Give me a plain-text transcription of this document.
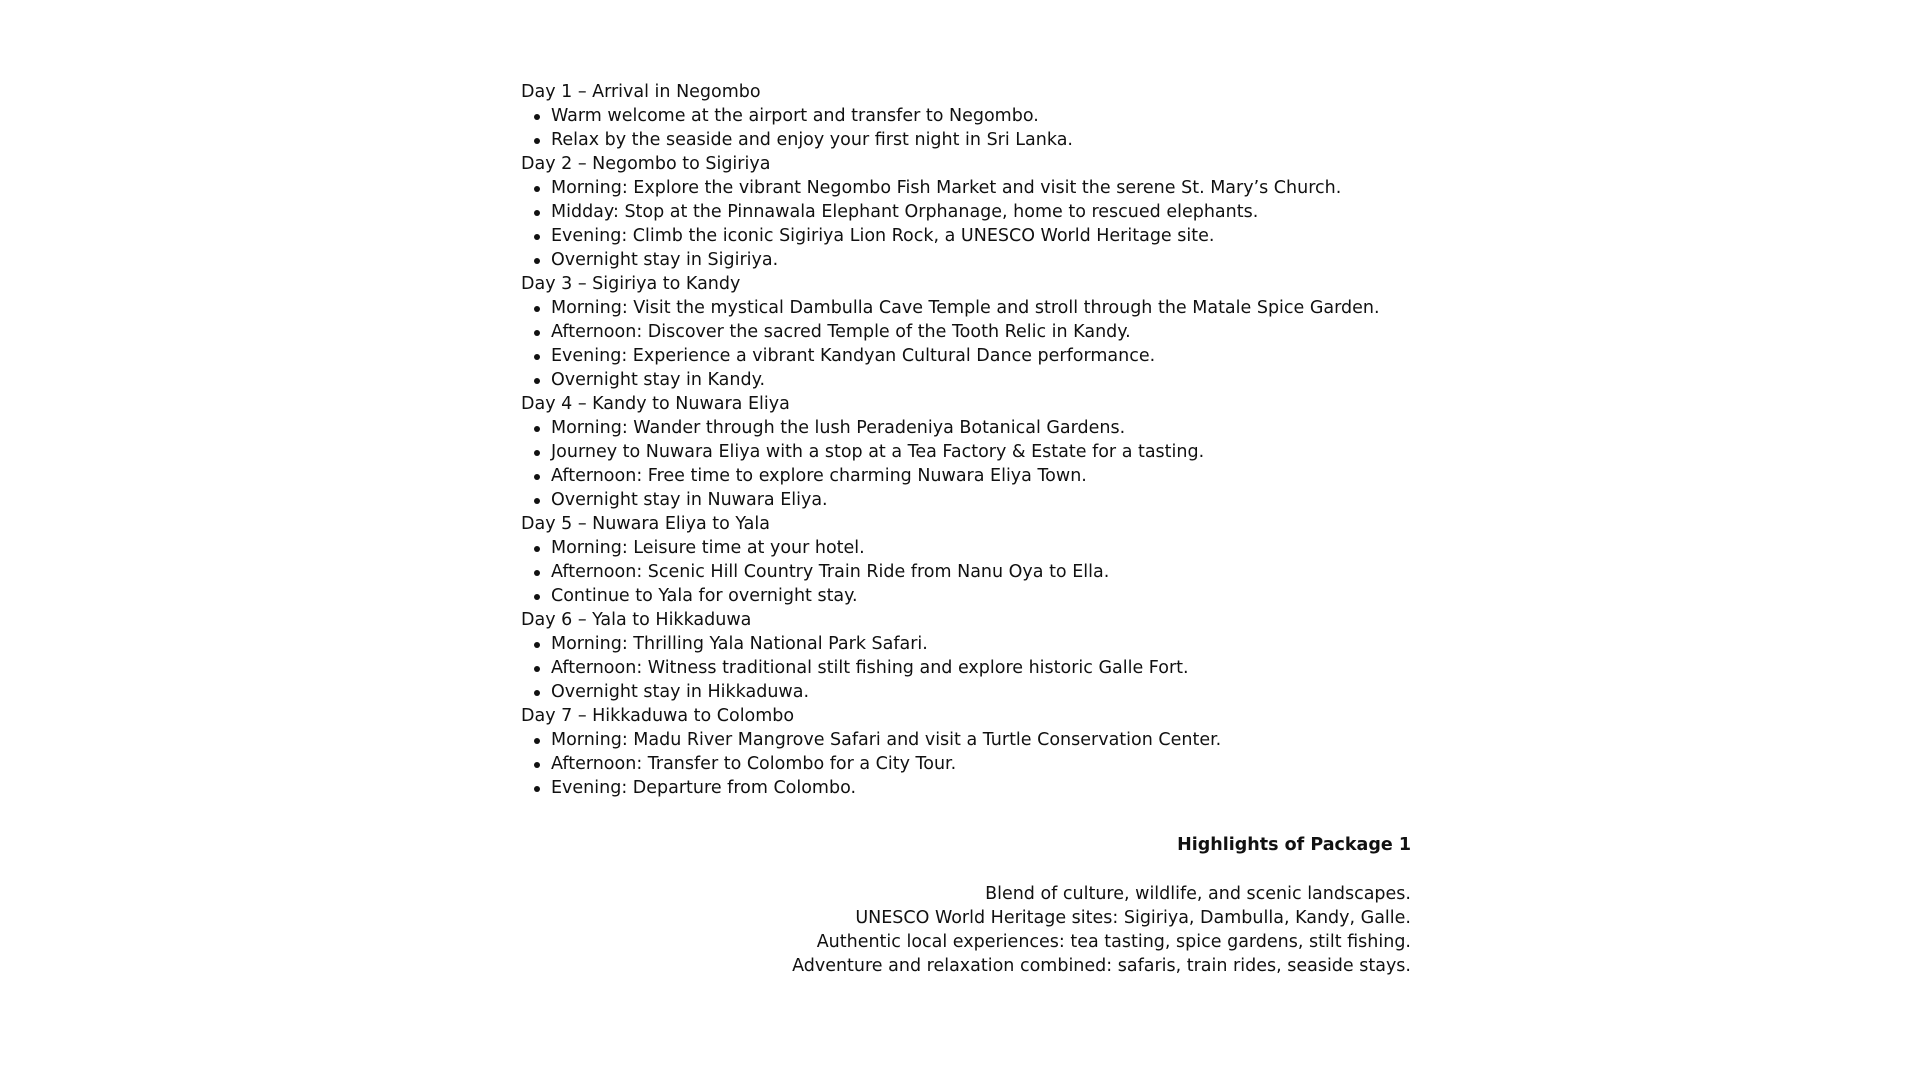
Day 1 – Arrival in Negombo
Warm welcome at the airport and transfer to Negombo.
Relax by the seaside and enjoy your first night in Sri Lanka.
Day 2 – Negombo to Sigiriya
Morning: Explore the vibrant Negombo Fish Market and visit the serene St. Mary’s Church.
Midday: Stop at the Pinnawala Elephant Orphanage, home to rescued elephants.
Evening: Climb the iconic Sigiriya Lion Rock, a UNESCO World Heritage site.
Overnight stay in Sigiriya.
Day 3 – Sigiriya to Kandy
Morning: Visit the mystical Dambulla Cave Temple and stroll through the Matale Spice Garden.
Afternoon: Discover the sacred Temple of the Tooth Relic in Kandy.
Evening: Experience a vibrant Kandyan Cultural Dance performance.
Overnight stay in Kandy.
Day 4 – Kandy to Nuwara Eliya
Morning: Wander through the lush Peradeniya Botanical Gardens.
Journey to Nuwara Eliya with a stop at a Tea Factory & Estate for a tasting.
Afternoon: Free time to explore charming Nuwara Eliya Town.
Overnight stay in Nuwara Eliya.
Day 5 – Nuwara Eliya to Yala
Morning: Leisure time at your hotel.
Afternoon: Scenic Hill Country Train Ride from Nanu Oya to Ella.
Continue to Yala for overnight stay.
Day 6 – Yala to Hikkaduwa
Morning: Thrilling Yala National Park Safari.
Afternoon: Witness traditional stilt fishing and explore historic Galle Fort.
Overnight stay in Hikkaduwa.
Day 7 – Hikkaduwa to Colombo
Morning: Madu River Mangrove Safari and visit a Turtle Conservation Center.
Afternoon: Transfer to Colombo for a City Tour.
Evening: Departure from Colombo.
Highlights of Package 1
Blend of culture, wildlife, and scenic landscapes.
UNESCO World Heritage sites: Sigiriya, Dambulla, Kandy, Galle.
Authentic local experiences: tea tasting, spice gardens, stilt fishing.
Adventure and relaxation combined: safaris, train rides, seaside stays.
